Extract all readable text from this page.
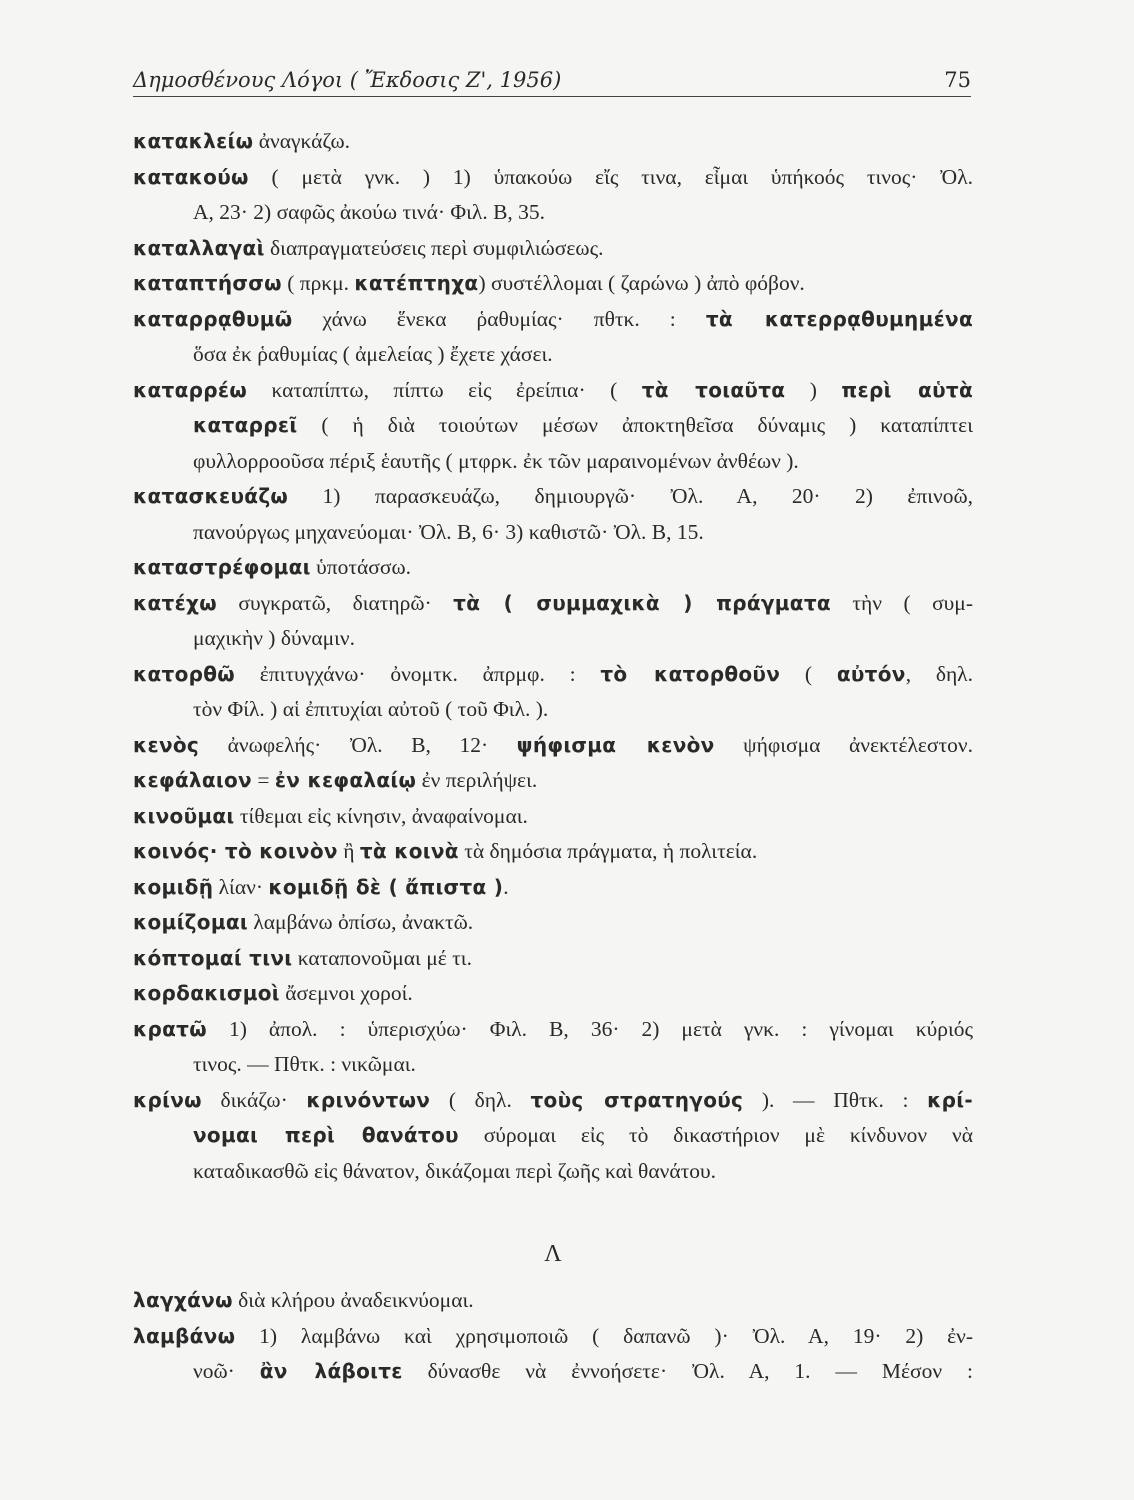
Δημοσθένους Λόγοι ( Ἔκδοσις Ζ', 1956)	75
κατακλείω ἀναγκάζω.
κατακούω ( μετὰ γνκ. ) 1) ὑπακούω εἴς τινα, εἶμαι ὑπήκοός τινος· Ὀλ.
Α, 23· 2) σαφῶς ἀκούω τινά· Φιλ. Β, 35.
καταλλαγαὶ διαπραγματεύσεις περὶ συμφιλιώσεως.
καταπτήσσω ( πρκμ. κατέπτηχα) συστέλλομαι ( ζαρώνω ) ἀπὸ φόβον.
καταρρᾳθυμῶ χάνω ἕνεκα ῥαθυμίας· πθτκ. : τὰ κατερρᾳθυμημένα
ὅσα ἐκ ῥαθυμίας ( ἀμελείας ) ἔχετε χάσει.
καταρρέω καταπίπτω, πίπτω εἰς ἐρείπια· ( τὰ τοιαῦτα ) περὶ αὑτὰ
καταρρεῖ ( ἡ διὰ τοιούτων μέσων ἀποκτηθεῖσα δύναμις ) καταπίπτει
φυλλορροοῦσα πέριξ ἑαυτῆς ( μτφρκ. ἐκ τῶν μαραινομένων ἀνθέων ).
κατασκευάζω 1) παρασκευάζω, δημιουργῶ· Ὀλ. Α, 20· 2) ἐπινοῶ,
πανούργως μηχανεύομαι· Ὀλ. Β, 6· 3) καθιστῶ· Ὀλ. Β, 15.
καταστρέφομαι ὑποτάσσω.
κατέχω συγκρατῶ, διατηρῶ· τὰ ( συμμαχικὰ ) πράγματα τὴν ( συμ-
μαχικὴν ) δύναμιν.
κατορθῶ ἐπιτυγχάνω· ὀνομτκ. ἀπρμφ. : τὸ κατορθοῦν ( αὐτόν, δηλ.
τὸν Φίλ. ) αἱ ἐπιτυχίαι αὐτοῦ ( τοῦ Φιλ. ).
κενὸς ἀνωφελής· Ὀλ. Β, 12· ψήφισμα κενὸν ψήφισμα ἀνεκτέλεστον.
κεφάλαιον = ἐν κεφαλαίῳ ἐν περιλήψει.
κινοῦμαι τίθεμαι εἰς κίνησιν, ἀναφαίνομαι.
κοινός· τὸ κοινὸν ἢ τὰ κοινὰ τὰ δημόσια πράγματα, ἡ πολιτεία.
κομιδῇ λίαν· κομιδῇ δὲ ( ἄπιστα ).
κομίζομαι λαμβάνω ὀπίσω, ἀνακτῶ.
κόπτομαί τινι καταπονοῦμαι μέ τι.
κορδακισμοὶ ἄσεμνοι χοροί.
κρατῶ 1) ἀπολ. : ὑπερισχύω· Φιλ. Β, 36· 2) μετὰ γνκ. : γίνομαι κύριός
τινος. — Πθτκ. : νικῶμαι.
κρίνω δικάζω· κρινόντων ( δηλ. τοὺς στρατηγούς ). — Πθτκ. : κρί-
νομαι περὶ θανάτου σύρομαι εἰς τὸ δικαστήριον μὲ κίνδυνον νὰ
καταδικασθῶ εἰς θάνατον, δικάζομαι περὶ ζωῆς καὶ θανάτου.
Λ
λαγχάνω διὰ κλήρου ἀναδεικνύομαι.
λαμβάνω 1) λαμβάνω καὶ χρησιμοποιῶ ( δαπανῶ )· Ὀλ. Α, 19· 2) ἐν-
νοῶ· ἂν λάβοιτε δύνασθε νὰ ἐννοήσετε· Ὀλ. Α, 1. — Μέσον :
